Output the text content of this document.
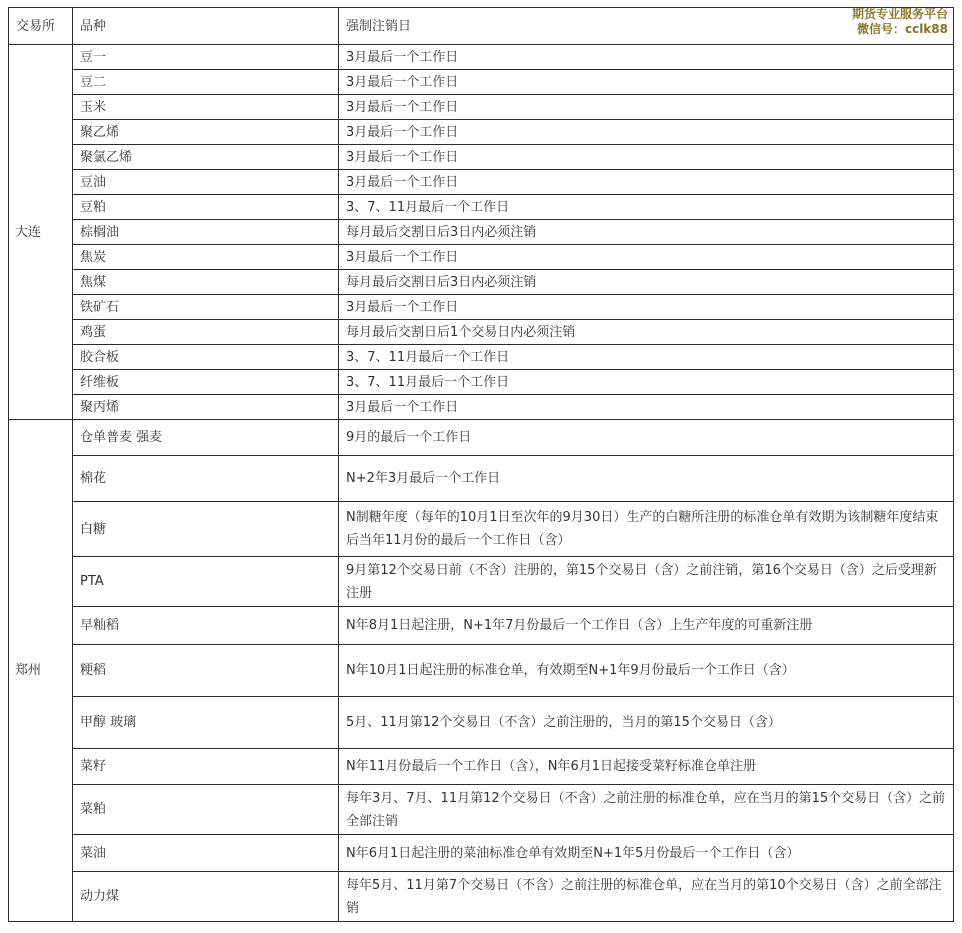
交易所	品种	强制注销日
大连	豆一	3月最后一个工作日
	豆二	3月最后一个工作日
	玉米	3月最后一个工作日
	聚乙烯	3月最后一个工作日
	聚氯乙烯	3月最后一个工作日
	豆油	3月最后一个工作日
	豆粕	3、7、11月最后一个工作日
	棕榈油	每月最后交割日后3日内必须注销
	焦炭	3月最后一个工作日
	焦煤	每月最后交割日后3日内必须注销
	铁矿石	3月最后一个工作日
	鸡蛋	每月最后交割日后1个交易日内必须注销
	胶合板	3、7、11月最后一个工作日
	纤维板	3、7、11月最后一个工作日
	聚丙烯	3月最后一个工作日
郑州	仓单普麦 强麦	9月的最后一个工作日
	棉花	N+2年3月最后一个工作日
	白糖	N制糖年度（每年的10月1日至次年的9月30日）生产的白糖所注册的标准仓单有效期为该制糖年度结束后当年11月份的最后一个工作日（含）
	PTA	9月第12个交易日前（不含）注册的，第15个交易日（含）之前注销，第16个交易日（含）之后受理新注册
	早籼稻	N年8月1日起注册，N+1年7月份最后一个工作日（含）上生产年度的可重新注册
	粳稻	N年10月1日起注册的标准仓单，有效期至N+1年9月份最后一个工作日（含）
	甲醇 玻璃	5月、11月第12个交易日（不含）之前注册的，当月的第15个交易日（含）
	菜籽	N年11月份最后一个工作日（含），N年6月1日起接受菜籽标准仓单注册
	菜粕	每年3月、7月、11月第12个交易日（不含）之前注册的标准仓单，应在当月的第15个交易日（含）之前全部注销
	菜油	N年6月1日起注册的菜油标准仓单有效期至N+1年5月份最后一个工作日（含）
	动力煤	每年5月、11月第7个交易日（不含）之前注册的标准仓单，应在当月的第10个交易日（含）之前全部注销
期货专业服务平台
微信号：cclk88
